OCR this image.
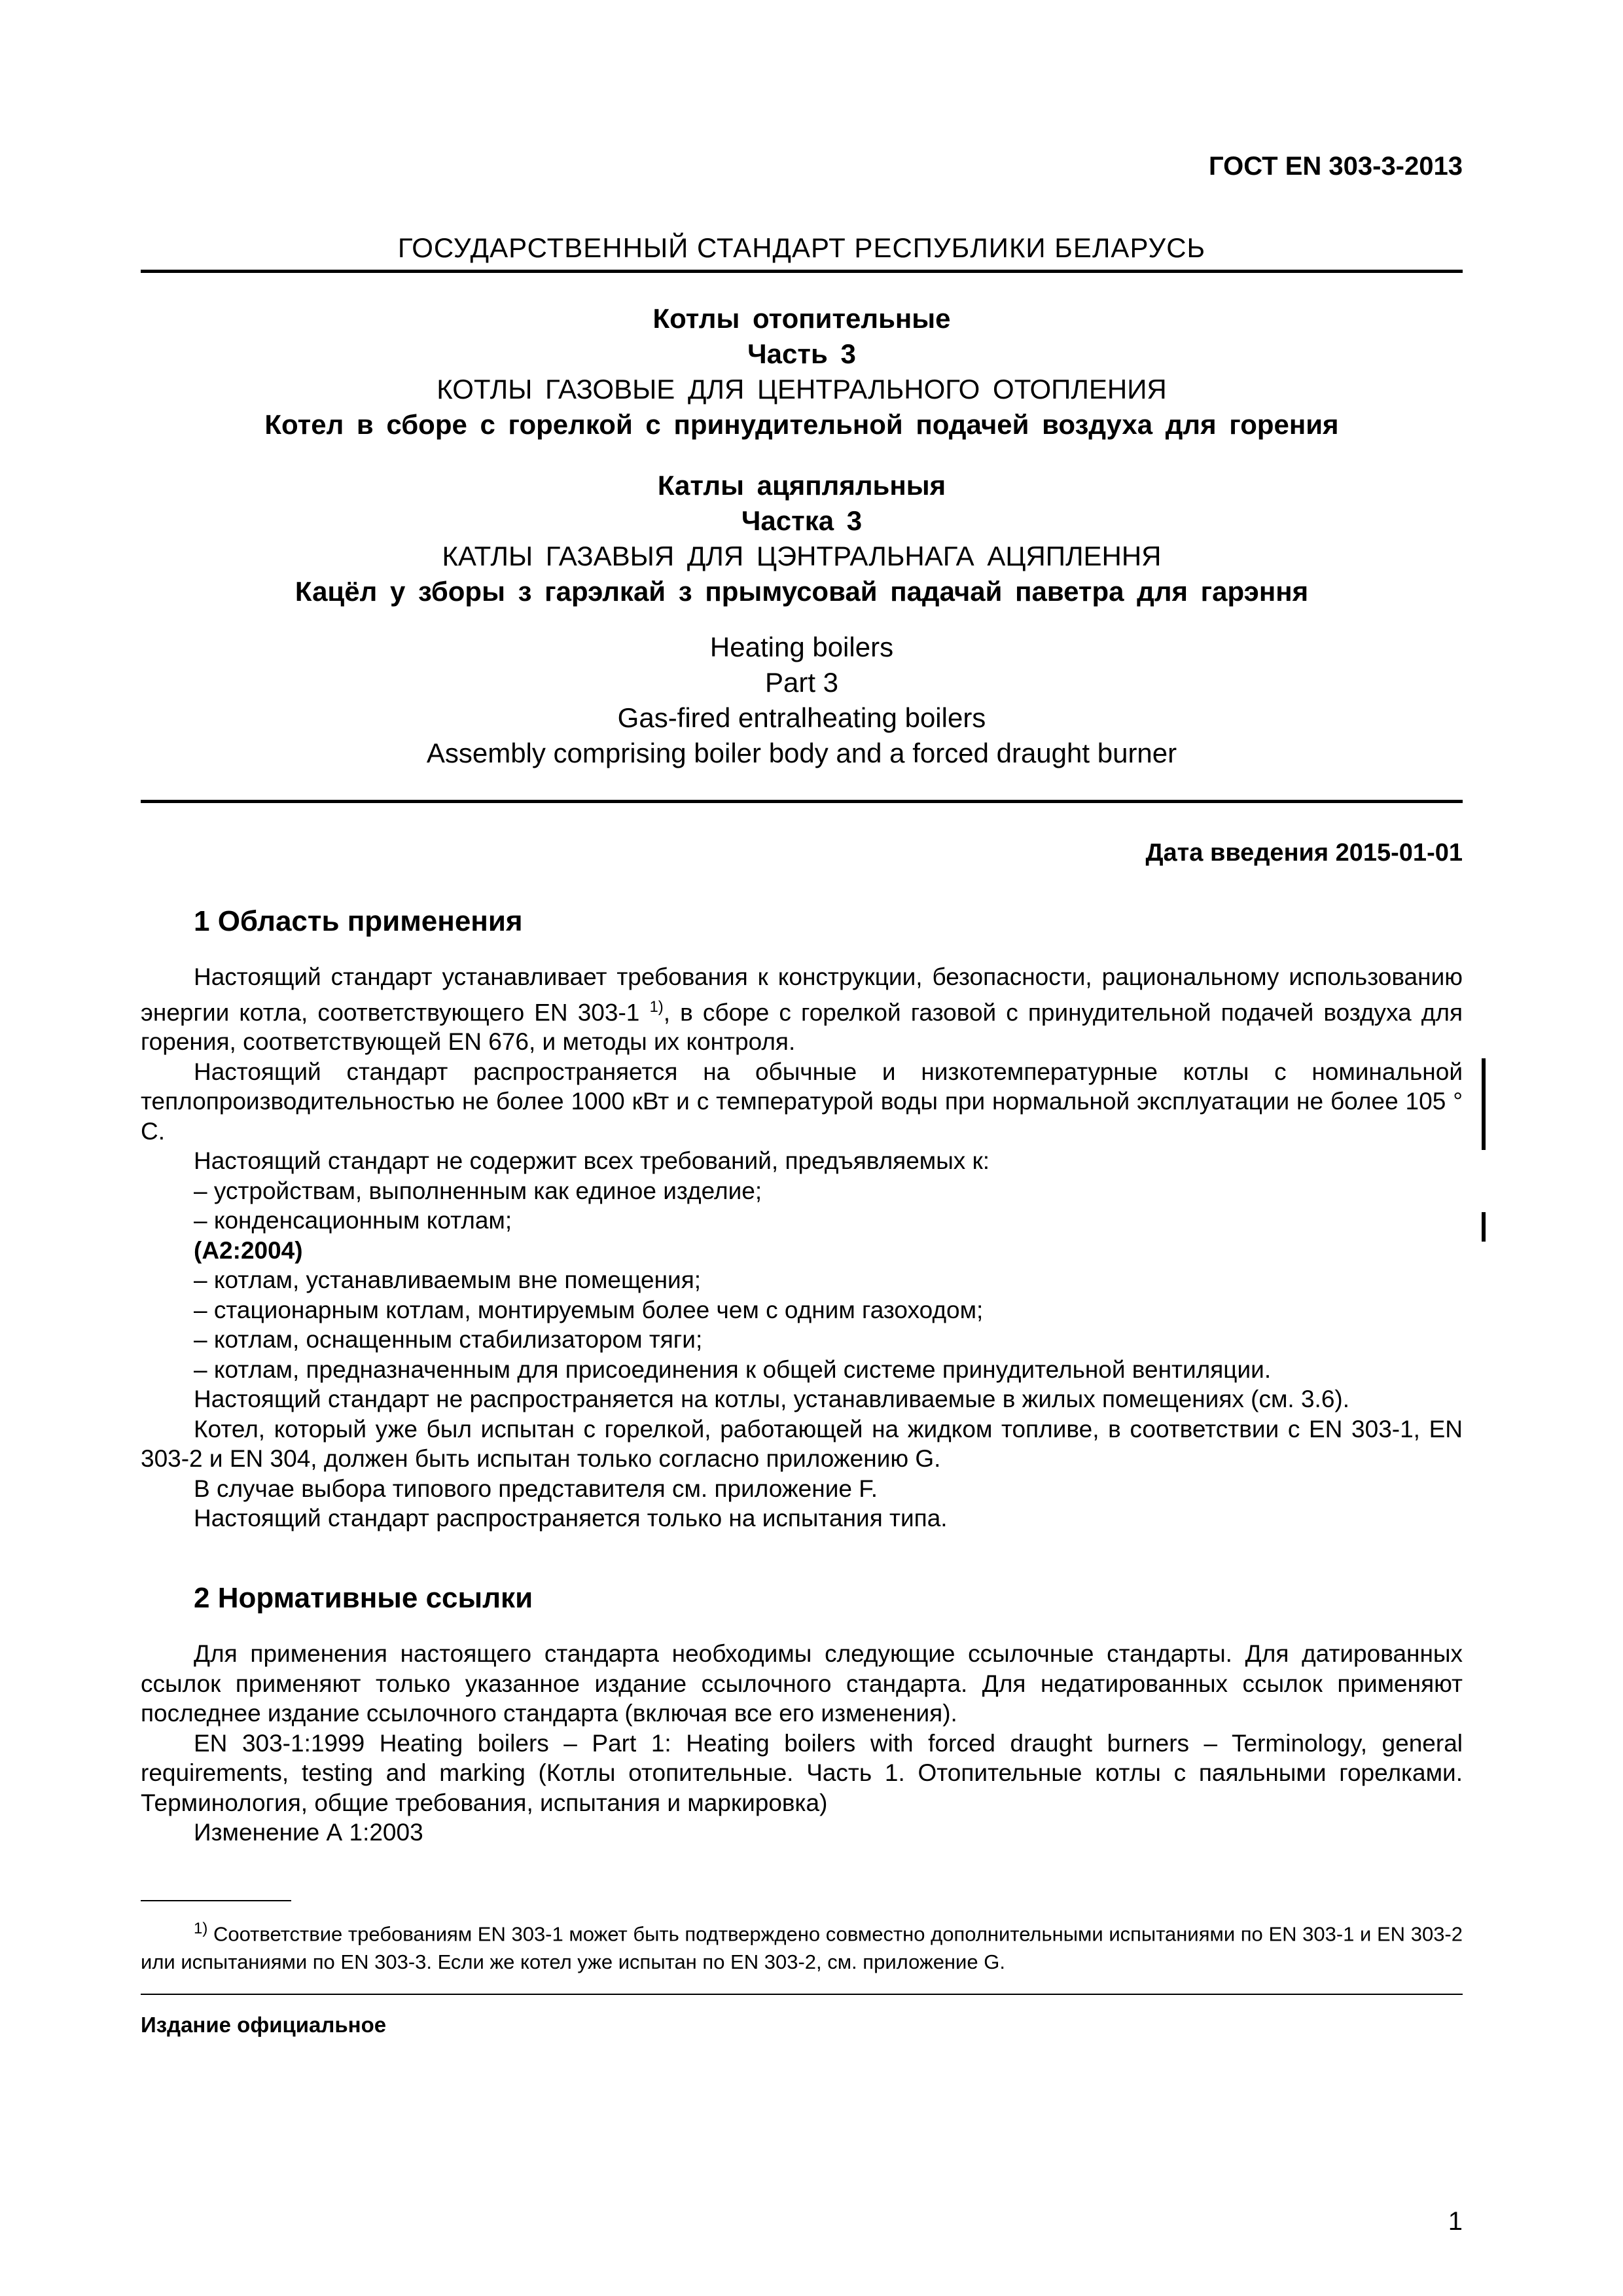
ГОСТ EN 303-3-2013
ГОСУДАРСТВЕННЫЙ СТАНДАРТ РЕСПУБЛИКИ БЕЛАРУСЬ
Котлы отопительные
Часть 3
КОТЛЫ ГАЗОВЫЕ ДЛЯ ЦЕНТРАЛЬНОГО ОТОПЛЕНИЯ
Котел в сборе с горелкой с принудительной подачей воздуха для горения
Катлы ацяпляльныя
Частка 3
КАТЛЫ ГАЗАВЫЯ ДЛЯ ЦЭНТРАЛЬНАГА АЦЯПЛЕННЯ
Кацёл у зборы з гарэлкай з прымусовай падачай паветра для гарэння
Heating boilers
Part 3
Gas-fired entralheating boilers
Assembly comprising boiler body and a forced draught burner
Дата введения 2015-01-01
1 Область применения

Настоящий стандарт устанавливает требования к конструкции, безопасности, рациональному использованию энергии котла, соответствующего EN 303-1 $^{1)}$, в сборе с горелкой газовой с принудительной подачей воздуха для горения, соответствующей EN 676, и методы их контроля.

Настоящий стандарт распространяется на обычные и низкотемпературные котлы с номинальной теплопроизводительностью не более 1000 кВт и с температурой воды при нормальной эксплуатации не более 105 ° С.

Настоящий стандарт не содержит всех требований, предъявляемых к:

– устройствам, выполненным как единое изделие;

– конденсационным котлам;

(A2:2004)

– котлам, устанавливаемым вне помещения;

– стационарным котлам, монтируемым более чем с одним газоходом;

– котлам, оснащенным стабилизатором тяги;

– котлам, предназначенным для присоединения к общей системе принудительной вентиляции.

Настоящий стандарт не распространяется на котлы, устанавливаемые в жилых помещениях (см. 3.6).

Котел, который уже был испытан с горелкой, работающей на жидком топливе, в соответствии с EN 303-1, EN 303-2 и EN 304, должен быть испытан только согласно приложению G.

В случае выбора типового представителя см. приложение F.

Настоящий стандарт распространяется только на испытания типа.

2 Нормативные ссылки

Для применения настоящего стандарта необходимы следующие ссылочные стандарты. Для датированных ссылок применяют только указанное издание ссылочного стандарта. Для недатированных ссылок применяют последнее издание ссылочного стандарта (включая все его изменения).

EN 303-1:1999 Heating boilers – Part 1: Heating boilers with forced draught burners – Terminology, general requirements, testing and marking (Котлы отопительные. Часть 1. Отопительные котлы с паяльными горелками. Терминология, общие требования, испытания и маркировка)

Изменение А 1:2003

$^{1)}$ Соответствие требованиям EN 303-1 может быть подтверждено совместно дополнительными испытаниями по EN 303-1 и EN 303-2 или испытаниями по EN 303-3. Если же котел уже испытан по EN 303-2, см. приложение G.
Издание официальное
1
